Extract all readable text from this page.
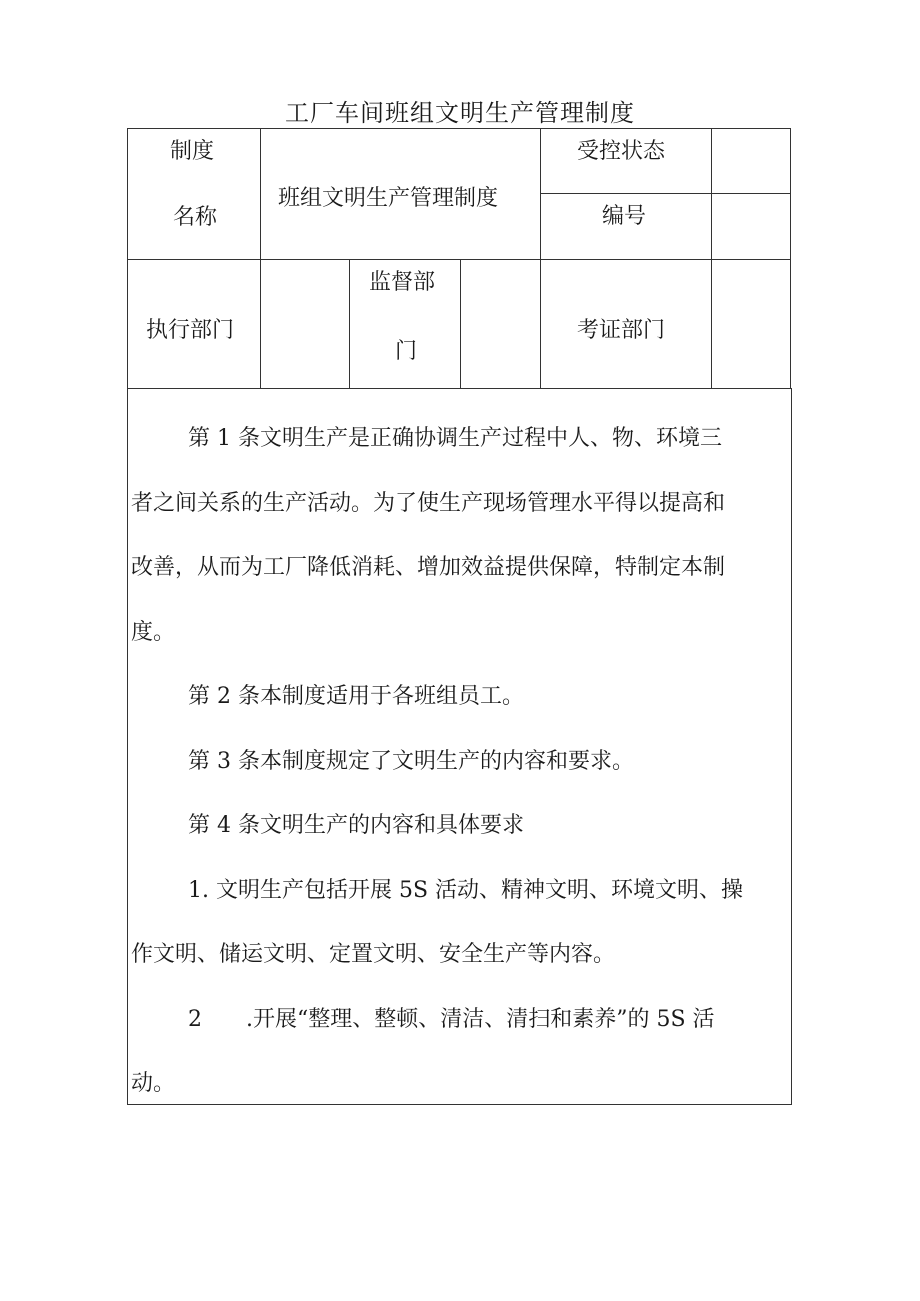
工厂车间班组文明生产管理制度
制度
名称
班组文明生产管理制度
受控状态
编号
执行部门
监督部
门
考证部门
第 1 条文明生产是正确协调生产过程中人、物、环境三
者之间关系的生产活动。为了使生产现场管理水平得以提高和
改善，从而为工厂降低消耗、增加效益提供保障，特制定本制
度。
第 2 条本制度适用于各班组员工。
第 3 条本制度规定了文明生产的内容和要求。
第 4 条文明生产的内容和具体要求
1. 文明生产包括开展 5S 活动、精神文明、环境文明、操
作文明、储运文明、定置文明、安全生产等内容。
2　　.开展“整理、整顿、清洁、清扫和素养”的 5S 活
动。
